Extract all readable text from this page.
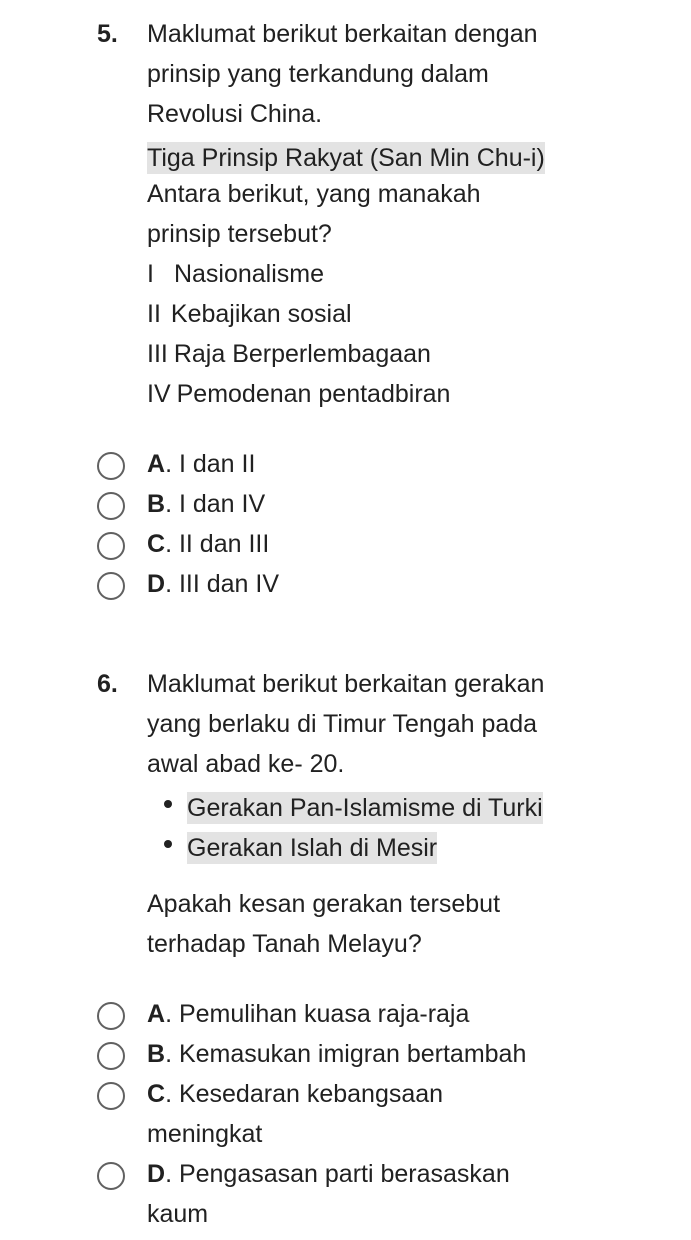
5. Maklumat berikut berkaitan dengan
prinsip yang terkandung dalam
Revolusi China.
Tiga Prinsip Rakyat (San Min Chu-i)
Antara berikut, yang manakah
prinsip tersebut?
I Nasionalisme
II Kebajikan sosial
III Raja Berperlembagaan
IV Pemodenan pentadbiran
A. I dan II
B. I dan IV
C. II dan III
D. III dan IV
6. Maklumat berikut berkaitan gerakan
yang berlaku di Timur Tengah pada
awal abad ke- 20.
Gerakan Pan-Islamisme di Turki
Gerakan Islah di Mesir
Apakah kesan gerakan tersebut
terhadap Tanah Melayu?
A. Pemulihan kuasa raja-raja
B. Kemasukan imigran bertambah
C. Kesedaran kebangsaan
meningkat
D. Pengasasan parti berasaskan
kaum
